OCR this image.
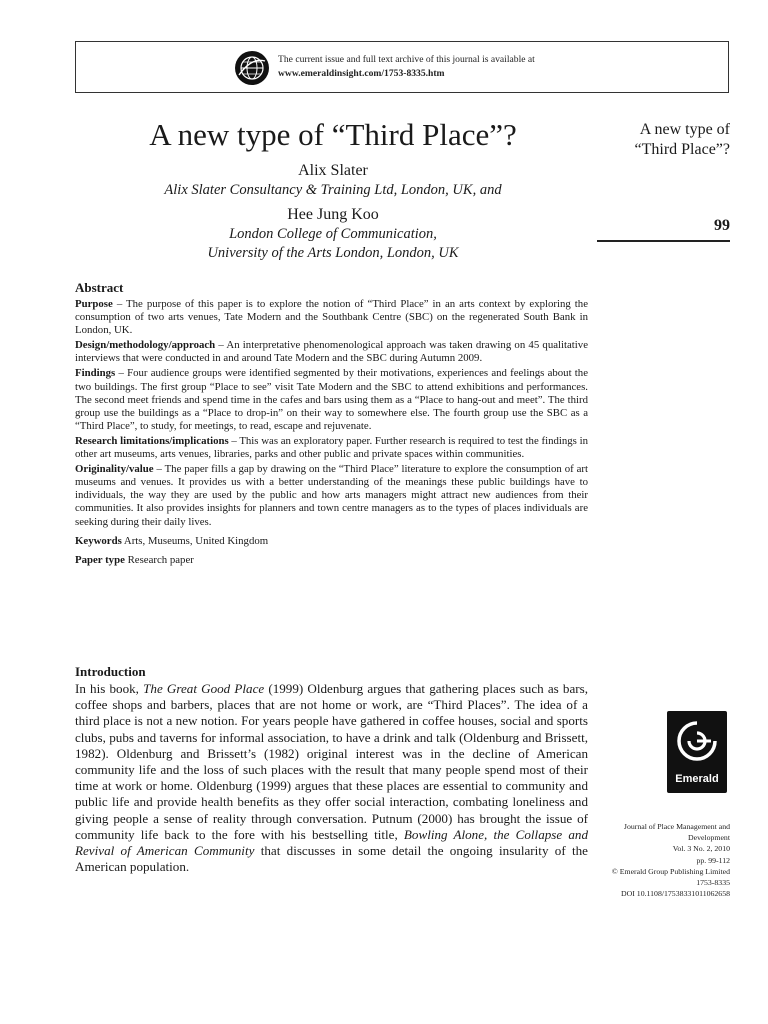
The current issue and full text archive of this journal is available at
www.emeraldinsight.com/1753-8335.htm
A new type of “Third Place”?
Alix Slater
Alix Slater Consultancy & Training Ltd, London, UK, and
Hee Jung Koo
London College of Communication,
University of the Arts London, London, UK
A new type of
“Third Place”?
99
Abstract

Purpose – The purpose of this paper is to explore the notion of “Third Place” in an arts context by exploring the consumption of two arts venues, Tate Modern and the Southbank Centre (SBC) on the regenerated South Bank in London, UK.

Design/methodology/approach – An interpretative phenomenological approach was taken drawing on 45 qualitative interviews that were conducted in and around Tate Modern and the SBC during Autumn 2009.

Findings – Four audience groups were identified segmented by their motivations, experiences and feelings about the two buildings. The first group “Place to see” visit Tate Modern and the SBC to attend exhibitions and performances. The second meet friends and spend time in the cafes and bars using them as a “Place to hang-out and meet”. The third group use the buildings as a “Place to drop-in” on their way to somewhere else. The fourth group use the SBC as a “Third Place”, to study, for meetings, to read, escape and rejuvenate.

Research limitations/implications – This was an exploratory paper. Further research is required to test the findings in other art museums, arts venues, libraries, parks and other public and private spaces within communities.

Originality/value – The paper fills a gap by drawing on the “Third Place” literature to explore the consumption of art museums and venues. It provides us with a better understanding of the meanings these public buildings have to individuals, the way they are used by the public and how arts managers might attract new audiences from their communities. It also provides insights for planners and town centre managers as to the types of places individuals are seeking during their daily lives.

Keywords Arts, Museums, United Kingdom

Paper type Research paper

Introduction

In his book, The Great Good Place (1999) Oldenburg argues that gathering places such as bars, coffee shops and barbers, places that are not home or work, are “Third Places”. The idea of a third place is not a new notion. For years people have gathered in coffee houses, social and sports clubs, pubs and taverns for informal association, to have a drink and talk (Oldenburg and Brissett, 1982). Oldenburg and Brissett’s (1982) original interest was in the decline of American community life and the loss of such places with the result that many people spend most of their time at work or home. Oldenburg (1999) argues that these places are essential to community and public life and provide health benefits as they offer social interaction, combating loneliness and giving people a sense of reality through conversation. Putnum (2000) has brought the issue of community life back to the fore with his bestselling title, Bowling Alone, the Collapse and Revival of American Community that discusses in some detail the ongoing insularity of the American population.

Emerald
Journal of Place Management and
Development
Vol. 3 No. 2, 2010
pp. 99-112
© Emerald Group Publishing Limited
1753-8335
DOI 10.1108/17538331011062658
